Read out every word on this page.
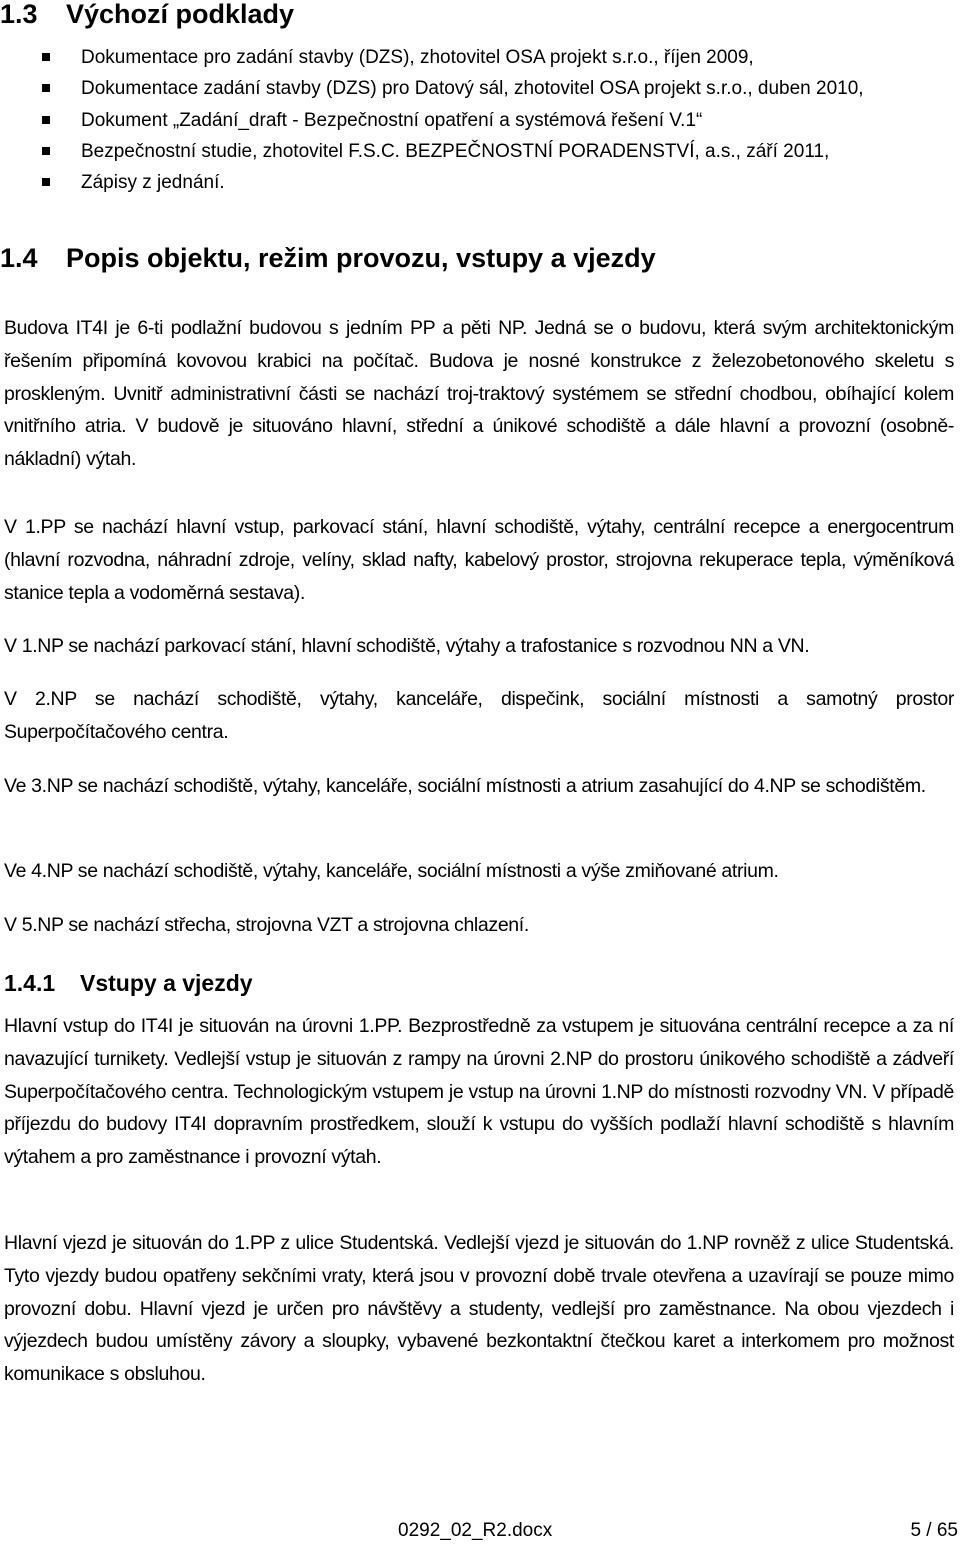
1.3 Výchozí podklady
Dokumentace pro zadání stavby (DZS), zhotovitel OSA projekt s.r.o., říjen 2009,
Dokumentace zadání stavby (DZS) pro Datový sál, zhotovitel OSA projekt s.r.o., duben 2010,
Dokument „Zadání_draft - Bezpečnostní opatření a systémová řešení V.1“
Bezpečnostní studie, zhotovitel F.S.C. BEZPEČNOSTNÍ PORADENSTVÍ, a.s., září 2011,
Zápisy z jednání.
1.4 Popis objektu, režim provozu, vstupy a vjezdy

Budova IT4I je 6-ti podlažní budovou s jedním PP a pěti NP. Jedná se o budovu, která svým architektonickým řešením připomíná kovovou krabici na počítač. Budova je nosné konstrukce z železobetonového skeletu s proskleným. Uvnitř administrativní části se nachází troj-traktový systémem se střední chodbou, obíhající kolem vnitřního atria. V budově je situováno hlavní, střední a únikové schodiště a dále hlavní a provozní (osobně-nákladní) výtah.

V 1.PP se nachází hlavní vstup, parkovací stání, hlavní schodiště, výtahy, centrální recepce a energocentrum (hlavní rozvodna, náhradní zdroje, velíny, sklad nafty, kabelový prostor, strojovna rekuperace tepla, výměníková stanice tepla a vodoměrná sestava).

V 1.NP se nachází parkovací stání, hlavní schodiště, výtahy a trafostanice s rozvodnou NN a VN.

V 2.NP se nachází schodiště, výtahy, kanceláře, dispečink, sociální místnosti a samotný prostor Superpočítačového centra.

Ve 3.NP se nachází schodiště, výtahy, kanceláře, sociální místnosti a atrium zasahující do 4.NP se schodištěm.

Ve 4.NP se nachází schodiště, výtahy, kanceláře, sociální místnosti a výše zmiňované atrium.

V 5.NP se nachází střecha, strojovna VZT a strojovna chlazení.

1.4.1 Vstupy a vjezdy

Hlavní vstup do IT4I je situován na úrovni 1.PP. Bezprostředně za vstupem je situována centrální recepce a za ní navazující turnikety. Vedlejší vstup je situován z rampy na úrovni 2.NP do prostoru únikového schodiště a zádveří Superpočítačového centra. Technologickým vstupem je vstup na úrovni 1.NP do místnosti rozvodny VN. V případě příjezdu do budovy IT4I dopravním prostředkem, slouží k vstupu do vyšších podlaží hlavní schodiště s hlavním výtahem a pro zaměstnance i provozní výtah.

Hlavní vjezd je situován do 1.PP z ulice Studentská. Vedlejší vjezd je situován do 1.NP rovněž z ulice Studentská. Tyto vjezdy budou opatřeny sekčními vraty, která jsou v provozní době trvale otevřena a uzavírají se pouze mimo provozní dobu. Hlavní vjezd je určen pro návštěvy a studenty, vedlejší pro zaměstnance. Na obou vjezdech i výjezdech budou umístěny závory a sloupky, vybavené bezkontaktní čtečkou karet a interkomem pro možnost komunikace s obsluhou.

0292_02_R2.docx	5 / 65
